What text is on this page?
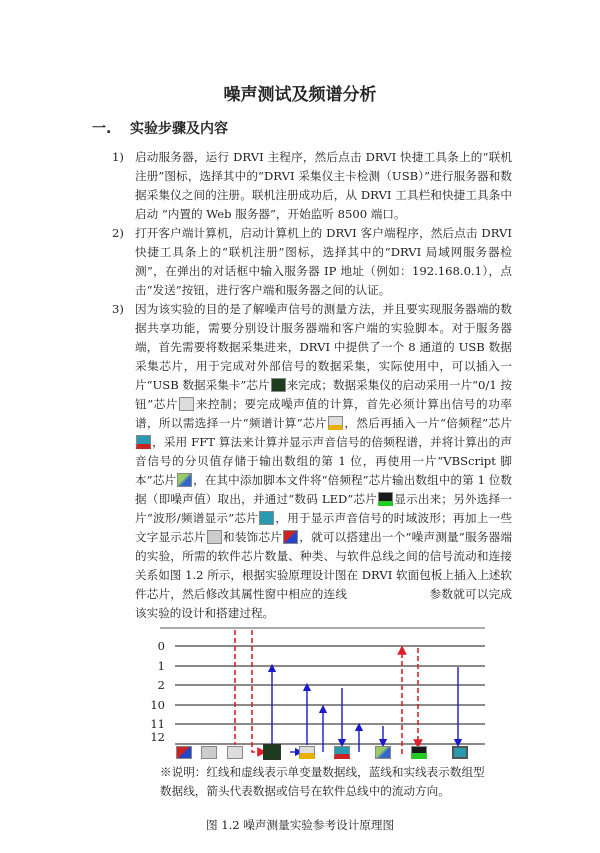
噪声测试及频谱分析
一. 实验步骤及内容
1) 启动服务器，运行 DRVI 主程序，然后点击 DRVI 快捷工具条上的“联机注册”图标，选择其中的“DRVI 采集仪主卡检测（USB）”进行服务器和数据采集仪之间的注册。联机注册成功后，从 DRVI 工具栏和快捷工具条中启动 “内置的 Web 服务器”，开始监听 8500 端口。
2) 打开客户端计算机，启动计算机上的 DRVI 客户端程序，然后点击 DRVI 快捷工具条上的“联机注册”图标，选择其中的“DRVI 局域网服务器检测”，在弹出的对话框中输入服务器 IP 地址（例如：192.168.0.1），点击“发送”按钮，进行客户端和服务器之间的认证。
3) 因为该实验的目的是了解噪声信号的测量方法，并且要实现服务器端的数据共享功能，需要分别设计服务器端和客户端的实验脚本。对于服务器端，首先需要将数据采集进来，DRVI 中提供了一个 8 通道的 USB 数据采集芯片，用于完成对外部信号的数据采集，实际使用中，可以插入一片“USB 数据采集卡”芯片 来完成；数据采集仪的启动采用一片“0/1 按钮”芯片 来控制；要完成噪声值的计算，首先必须计算出信号的功率谱，所以需选择一片“频谱计算”芯片 ，然后再插入一片“倍频程”芯片，采用 FFT 算法来计算并显示声音信号的倍频程谱，并将计算出的声音信号的分贝值存储于输出数组的第 1 位，再使用一片“VBScript 脚本”芯片 ，在其中添加脚本文件将“倍频程”芯片输出数组中的第 1 位数据（即噪声值）取出，并通过“数码 LED”芯片 显示出来；另外选择一片“波形/频谱显示”芯片 ，用于显示声音信号的时域波形；再加上一些文字显示芯片 和装饰芯片 ，就可以搭建出一个“噪声测量”服务器端的实验，所需的软件芯片数量、种类、与软件总线之间的信号流动和连接关系如图 1.2 所示，根据实验原理设计图在 DRVI 软面包板上插入上述软件芯片，然后修改其属性窗中相应的连线　　　　　　　参数就可以完成该实验的设计和搭建过程。
0
1
2
10
11
12
※说明：红线和虚线表示单变量数据线，蓝线和实线表示数组型数据线，箭头代表数据或信号在软件总线中的流动方向。
图 1.2 噪声测量实验参考设计原理图
